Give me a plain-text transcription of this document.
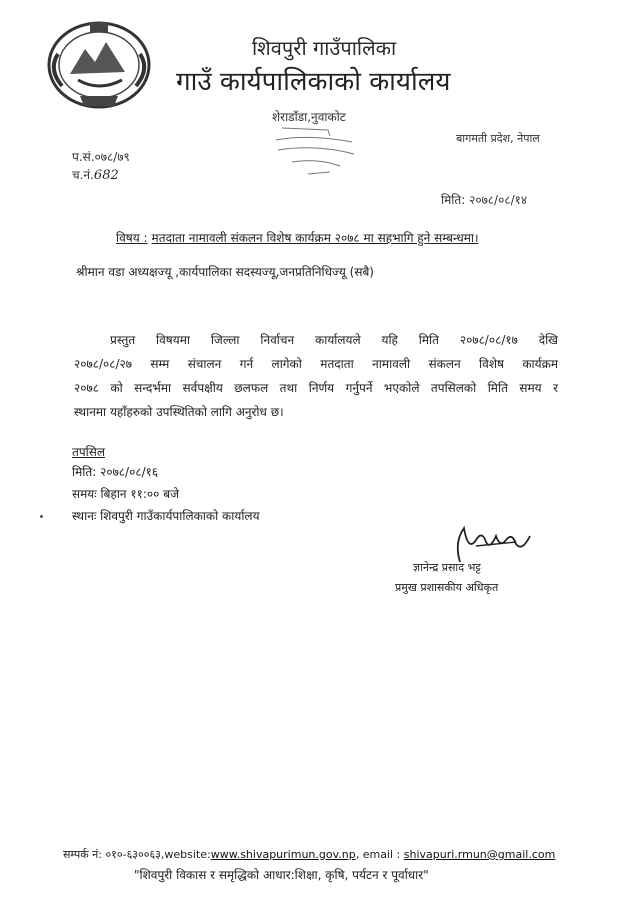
शिवपुरी गाउँपालिका
गाउँ कार्यपालिकाको कार्यालय
शेराडाँडा,नुवाकोट
बागमती प्रदेश, नेपाल
प.सं.०७८/७९
च.नं.682
मिति: २०७८/०८/१४
विषय : मतदाता नामावली संकलन विशेष कार्यक्रम २०७८ मा सहभागि हुने सम्बन्धमा।
श्रीमान वडा अध्यक्षज्यू ,कार्यपालिका सदस्यज्यू,जनप्रतिनिधिज्यू (सबै)
प्रस्तुत विषयमा जिल्ला निर्वाचन कार्यालयले यहि मिति २०७८/०८/१७ देखि
२०७८/०८/२७ सम्म संचालन गर्न लागेको मतदाता नामावली संकलन विशेष कार्यक्रम
२०७८ को सन्दर्भमा सर्वपक्षीय छलफल तथा निर्णय गर्नुपर्ने भएकोले तपसिलको मिति समय र
स्थानमा यहाँहरुको उपस्थितिको लागि अनुरोध छ।
तपसिल
मिति: २०७८/०८/१६
समयः बिहान ११:०० बजे
स्थानः शिवपुरी गाउँकार्यपालिकाको कार्यालय
ज्ञानेन्द्र प्रसाद भट्ट
प्रमुख प्रशासकीय अधिकृत
सम्पर्क नं: ०१०-६३००६३,website:www.shivapurimun.gov.np, email : shivapuri.rmun@gmail.com
"शिवपुरी विकास र समृद्धिको आधार:शिक्षा, कृषि, पर्यटन र पूर्वाधार"
